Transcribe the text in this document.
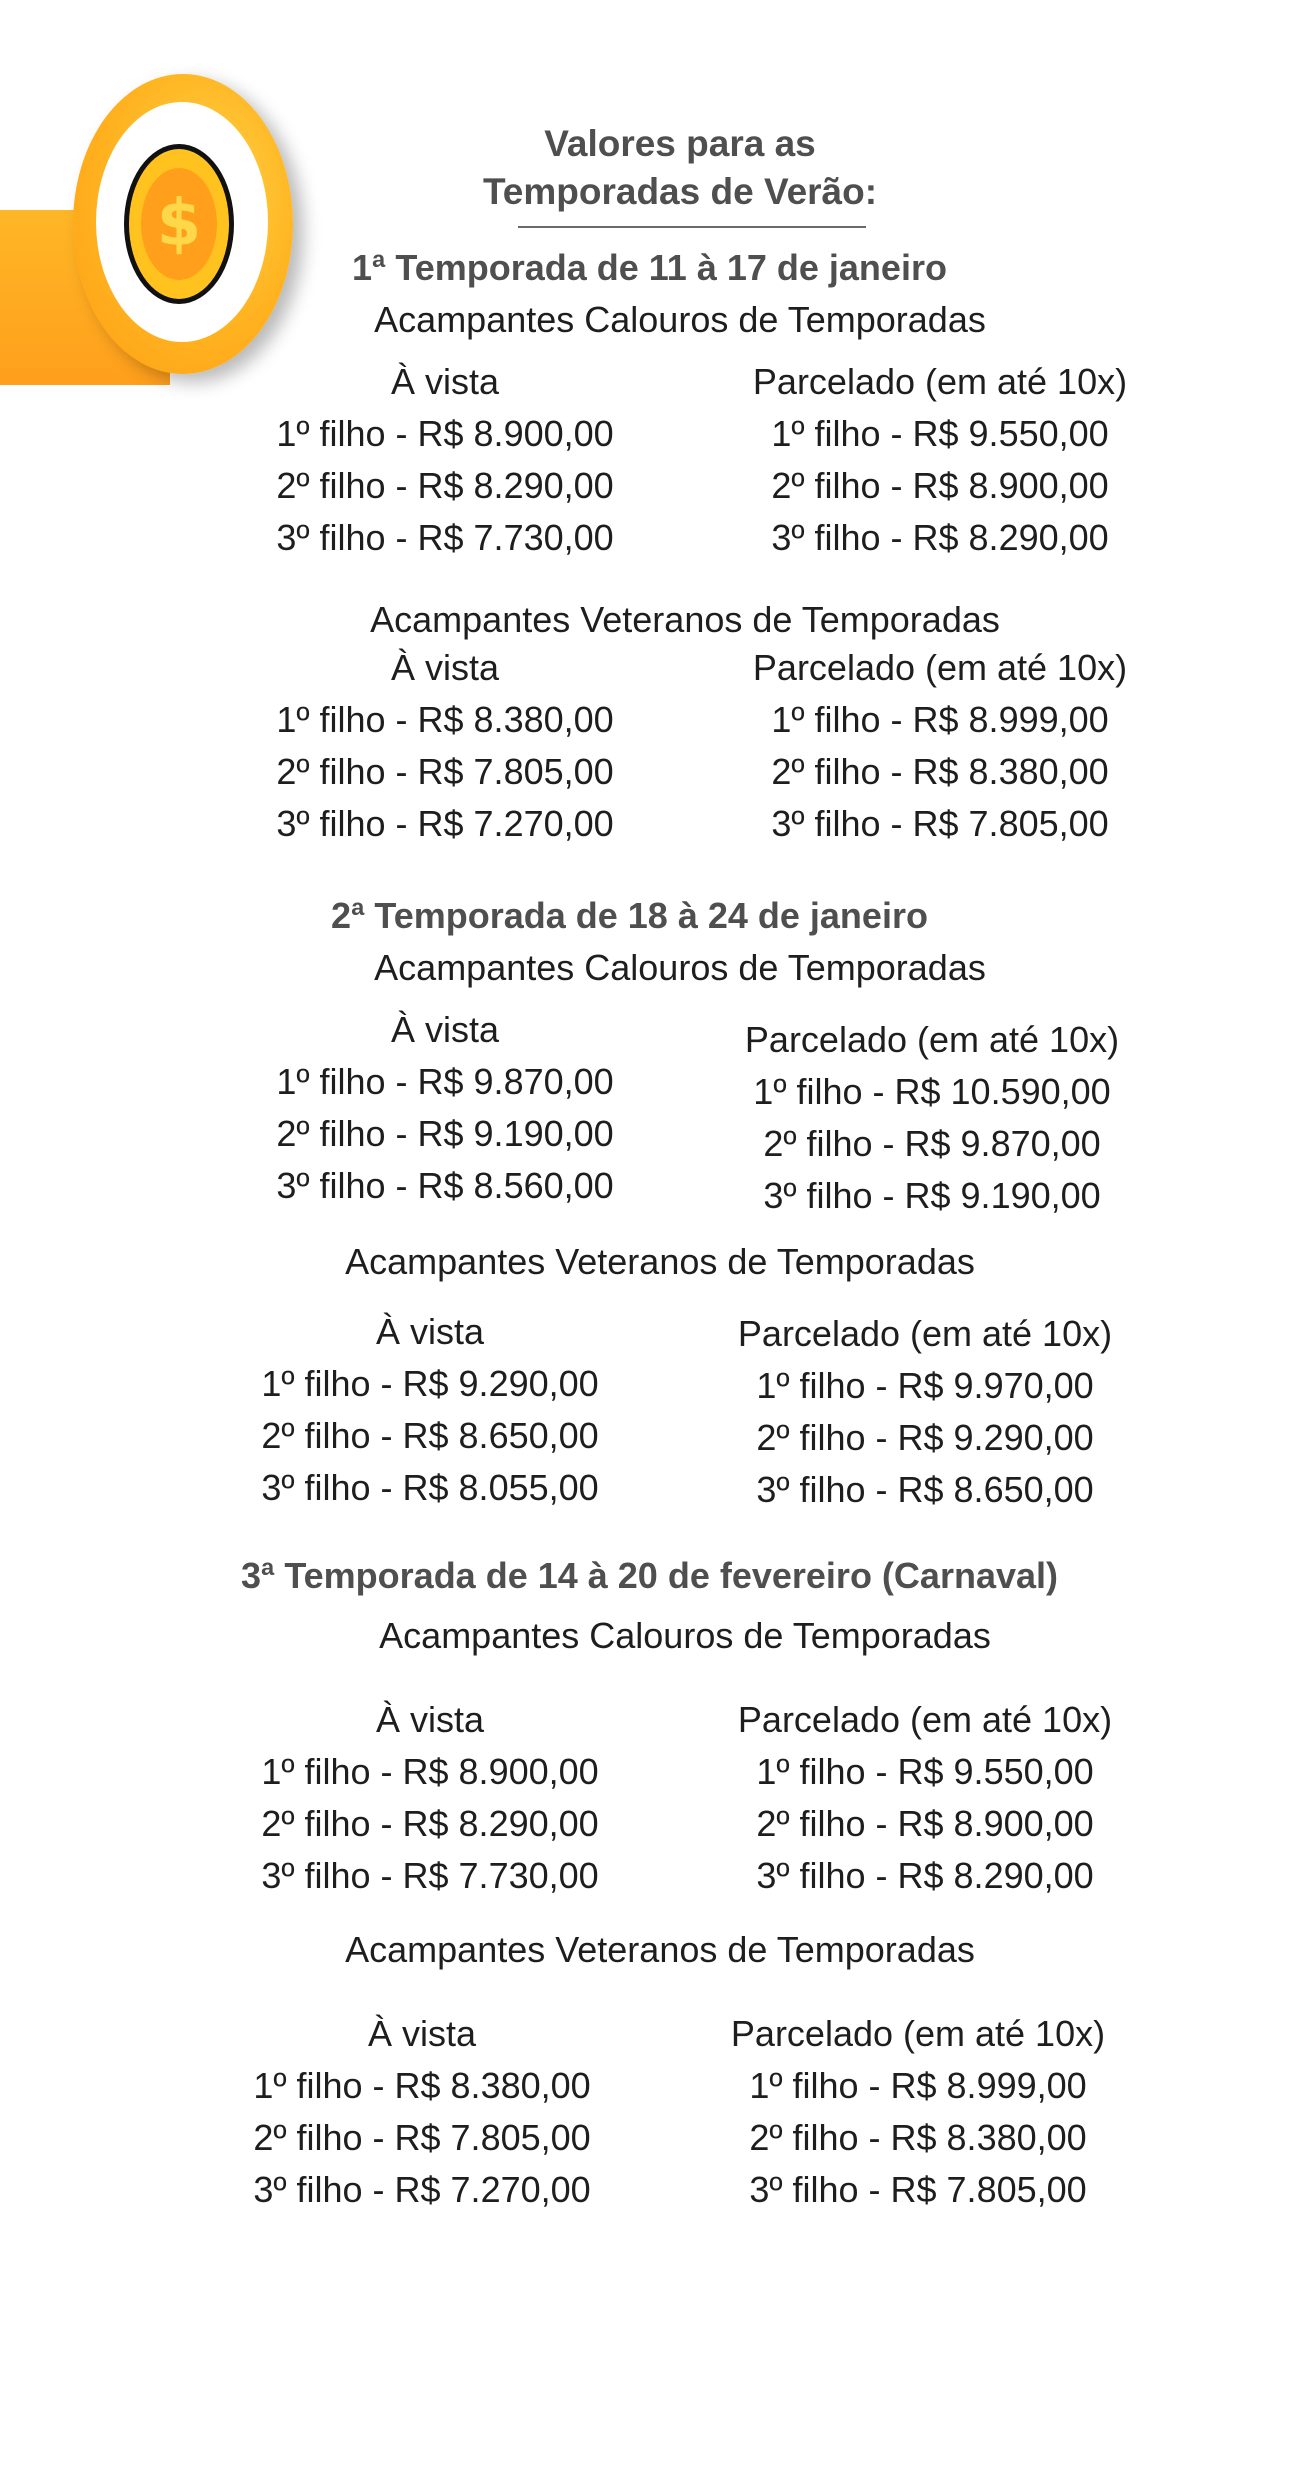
$
Valores para as
Temporadas de Verão:
1ª Temporada de 11 à 17 de janeiro
Acampantes Calouros de Temporadas
À vista
1º filho - R$ 8.900,00
2º filho - R$ 8.290,00
3º filho - R$ 7.730,00
Parcelado (em até 10x)
1º filho - R$ 9.550,00
2º filho - R$ 8.900,00
3º filho - R$ 8.290,00
Acampantes Veteranos de Temporadas
À vista
1º filho - R$ 8.380,00
2º filho - R$ 7.805,00
3º filho - R$ 7.270,00
Parcelado (em até 10x)
1º filho - R$ 8.999,00
2º filho - R$ 8.380,00
3º filho - R$ 7.805,00
2ª Temporada de 18 à 24 de janeiro
Acampantes Calouros de Temporadas
À vista
1º filho - R$ 9.870,00
2º filho - R$ 9.190,00
3º filho - R$ 8.560,00
Parcelado (em até 10x)
1º filho - R$ 10.590,00
2º filho - R$ 9.870,00
3º filho - R$ 9.190,00
Acampantes Veteranos de Temporadas
À vista
1º filho - R$ 9.290,00
2º filho - R$ 8.650,00
3º filho - R$ 8.055,00
Parcelado (em até 10x)
1º filho - R$ 9.970,00
2º filho - R$ 9.290,00
3º filho - R$ 8.650,00
3ª Temporada de 14 à 20 de fevereiro (Carnaval)
Acampantes Calouros de Temporadas
À vista
1º filho - R$ 8.900,00
2º filho - R$ 8.290,00
3º filho - R$ 7.730,00
Parcelado (em até 10x)
1º filho - R$ 9.550,00
2º filho - R$ 8.900,00
3º filho - R$ 8.290,00
Acampantes Veteranos de Temporadas
À vista
1º filho - R$ 8.380,00
2º filho - R$ 7.805,00
3º filho - R$ 7.270,00
Parcelado (em até 10x)
1º filho - R$ 8.999,00
2º filho - R$ 8.380,00
3º filho - R$ 7.805,00
